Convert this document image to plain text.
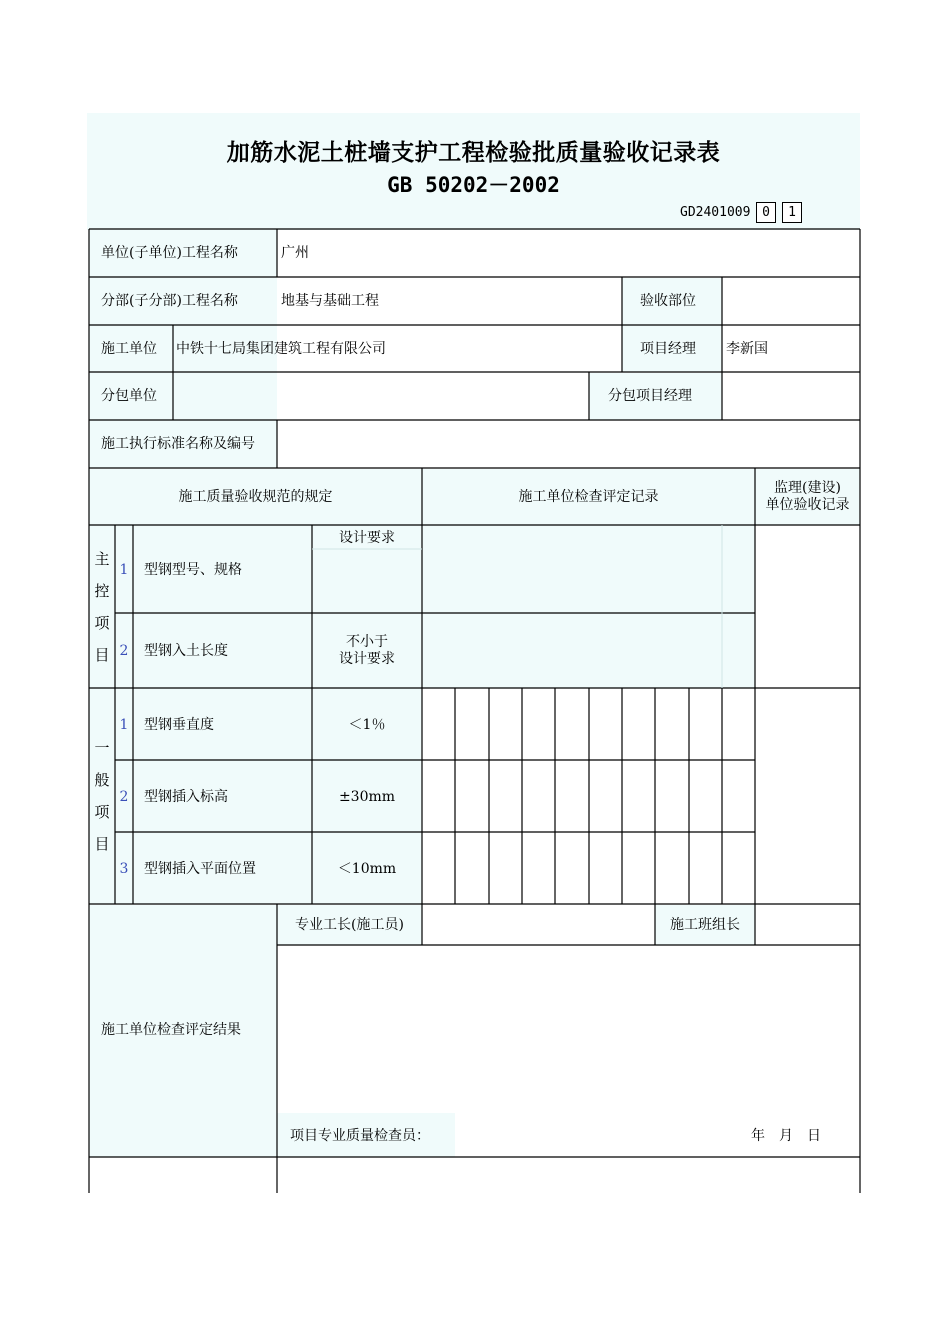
加筋水泥土桩墙支护工程检验批质量验收记录表
GB 50202－2002
GD2401009 0	1
单位(子单位)工程名称	广州
分部(子分部)工程名称	地基与基础工程	验收部位
施工单位 中铁十七局集团建筑工程有限公司	项目经理 李新国
分包单位	分包项目经理
施工执行标准名称及编号
施工质量验收规范的规定	施工单位检查评定记录
监理(建设)
单位验收记录
主控项目
设计要求
1	型钢型号、规格
2	型钢入土长度
不小于
设计要求
一般项目
1	型钢垂直度	＜1％
2	型钢插入标高	±30mm
3	型钢插入平面位置	＜10mm
施工单位检查评定结果
专业工长(施工员)	施工班组长
项目专业质量检查员：	年　月　日
